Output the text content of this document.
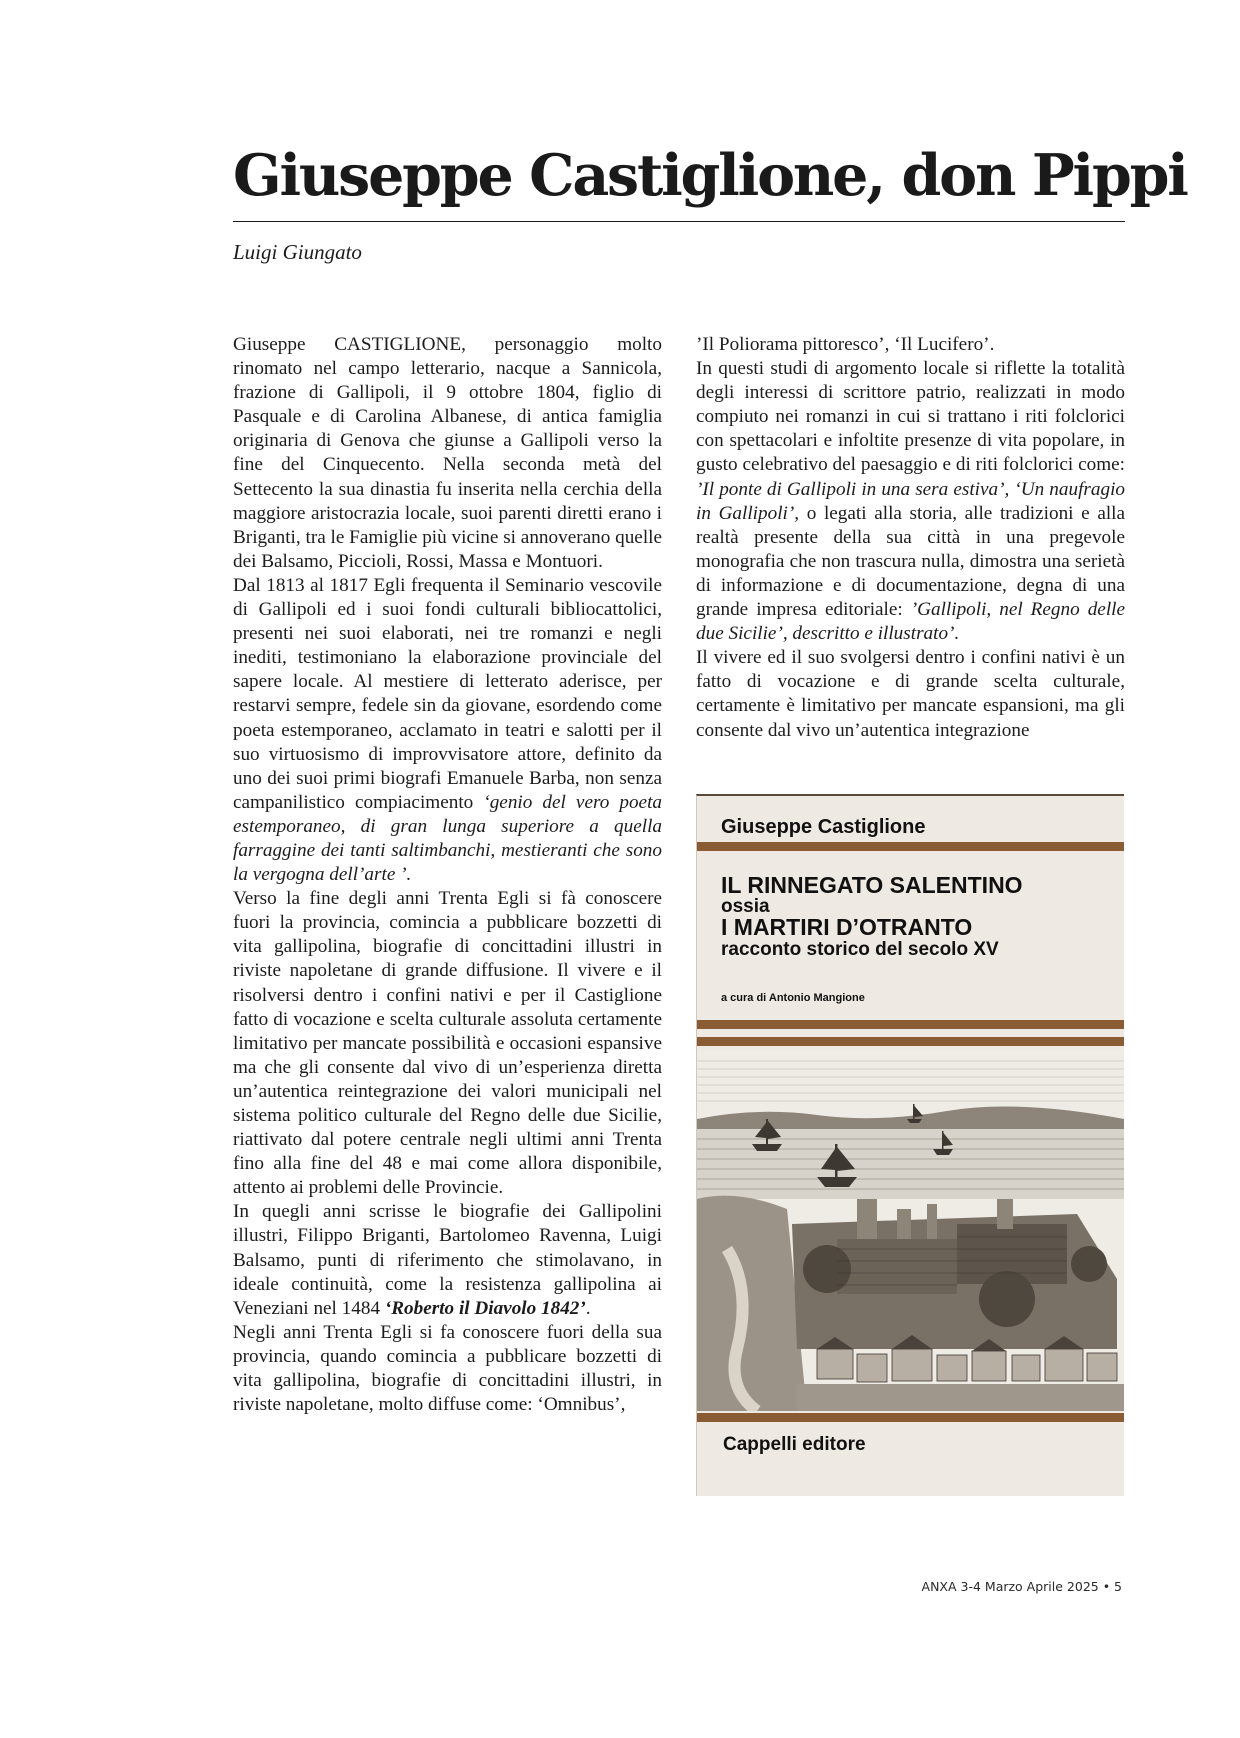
Giuseppe Castiglione, don Pippi
Luigi Giungato

Giuseppe CASTIGLIONE, personaggio molto rinomato nel campo letterario, nacque a Sannicola, frazione di Gallipoli, il 9 ottobre 1804, figlio di Pasquale e di Carolina Albanese, di antica famiglia originaria di Genova che giunse a Gallipoli verso la fine del Cinquecento. Nella seconda metà del Settecento la sua dinastia fu inserita nella cerchia della maggiore aristocrazia locale, suoi parenti diretti erano i Briganti, tra le Famiglie più vicine si annoverano quelle dei Balsamo, Piccioli, Rossi, Massa e Montuori.

Dal 1813 al 1817 Egli frequenta il Seminario vescovile di Gallipoli ed i suoi fondi culturali bibliocattolici, presenti nei suoi elaborati, nei tre romanzi e negli inediti, testimoniano la elaborazione provinciale del sapere locale. Al mestiere di letterato aderisce, per restarvi sempre, fedele sin da giovane, esordendo come poeta estemporaneo, acclamato in teatri e salotti per il suo virtuosismo di improvvisatore attore, definito da uno dei suoi primi biografi Emanuele Barba, non senza campanilistico compiacimento ‘genio del vero poeta estemporaneo, di gran lunga superiore a quella farraggine dei tanti saltimbanchi, mestieranti che sono la vergogna dell’arte ’.

Verso la fine degli anni Trenta Egli si fà conoscere fuori la provincia, comincia a pubblicare bozzetti di vita gallipolina, biografie di concittadini illustri in riviste napoletane di grande diffusione. Il vivere e il risolversi dentro i confini nativi e per il Castiglione fatto di vocazione e scelta culturale assoluta certamente limitativo per mancate possibilità e occasioni espansive ma che gli consente dal vivo di un’esperienza diretta un’autentica reintegrazione dei valori municipali nel sistema politico culturale del Regno delle due Sicilie, riattivato dal potere centrale negli ultimi anni Trenta fino alla fine del 48 e mai come allora disponibile, attento ai problemi delle Provincie.

In quegli anni scrisse le biografie dei Gallipolini illustri, Filippo Briganti, Bartolomeo Ravenna, Luigi Balsamo, punti di riferimento che stimolavano, in ideale continuità, come la resistenza gallipolina ai Veneziani nel 1484 ‘Roberto il Diavolo 1842’.

Negli anni Trenta Egli si fa conoscere fuori della sua provincia, quando comincia a pubblicare bozzetti di vita gallipolina, biografie di concittadini illustri, in riviste napoletane, molto diffuse come: ‘Omnibus’,

’Il Poliorama pittoresco’, ‘Il Lucifero’.

In questi studi di argomento locale si riflette la totalità degli interessi di scrittore patrio, realizzati in modo compiuto nei romanzi in cui si trattano i riti folclorici con spettacolari e infoltite presenze di vita popolare, in gusto celebrativo del paesaggio e di riti folclorici come: ’Il ponte di Gallipoli in una sera estiva’, ‘Un naufragio in Gallipoli’, o legati alla storia, alle tradizioni e alla realtà presente della sua città in una pregevole monografia che non trascura nulla, dimostra una serietà di informazione e di documentazione, degna di una grande impresa editoriale: ’Gallipoli, nel Regno delle due Sicilie’, descritto e illustrato’.

Il vivere ed il suo svolgersi dentro i confini nativi è un fatto di vocazione e di grande scelta culturale, certamente è limitativo per mancate espansioni, ma gli consente dal vivo un’autentica integrazione

Giuseppe Castiglione
IL RINNEGATO SALENTINO
ossia
I MARTIRI D’OTRANTO
racconto storico del secolo XV
a cura di Antonio Mangione
Cappelli editore
ANXA 3-4 Marzo Aprile 2025 • 5
